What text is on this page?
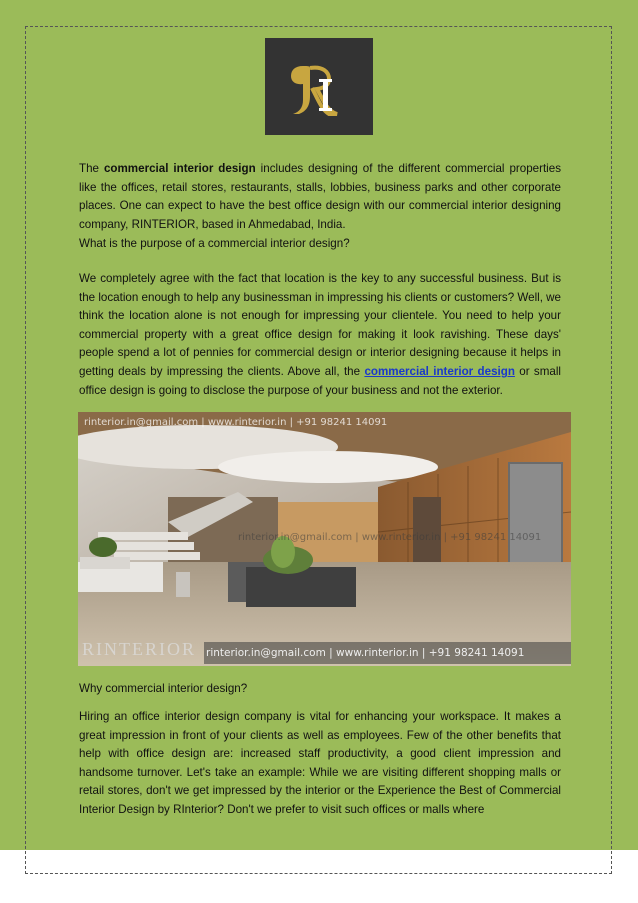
The commercial interior design includes designing of the different commercial properties like the offices, retail stores, restaurants, stalls, lobbies, business parks and other corporate places. One can expect to have the best office design with our commercial interior designing company, RINTERIOR, based in Ahmedabad, India.

What is the purpose of a commercial interior design?

We completely agree with the fact that location is the key to any successful business. But is the location enough to help any businessman in impressing his clients or customers? Well, we think the location alone is not enough for impressing your clientele. You need to help your commercial property with a great office design for making it look ravishing. These days' people spend a lot of pennies for commercial design or interior designing because it helps in getting deals by impressing the clients. Above all, the commercial interior design or small office design is going to disclose the purpose of your business and not the exterior.

rinterior.in@gmail.com | www.rinterior.in | +91 98241 14091
rinterior.in@gmail.com | www.rinterior.in | +91 98241 14091
RINTERIOR rinterior.in@gmail.com | www.rinterior.in | +91 98241 14091

Why commercial interior design?

Hiring an office interior design company is vital for enhancing your workspace. It makes a great impression in front of your clients as well as employees. Few of the other benefits that help with office design are: increased staff productivity, a good client impression and handsome turnover. Let's take an example: While we are visiting different shopping malls or retail stores, don't we get impressed by the interior or the Experience the Best of Commercial Interior Design by RInterior? Don't we prefer to visit such offices or malls where
